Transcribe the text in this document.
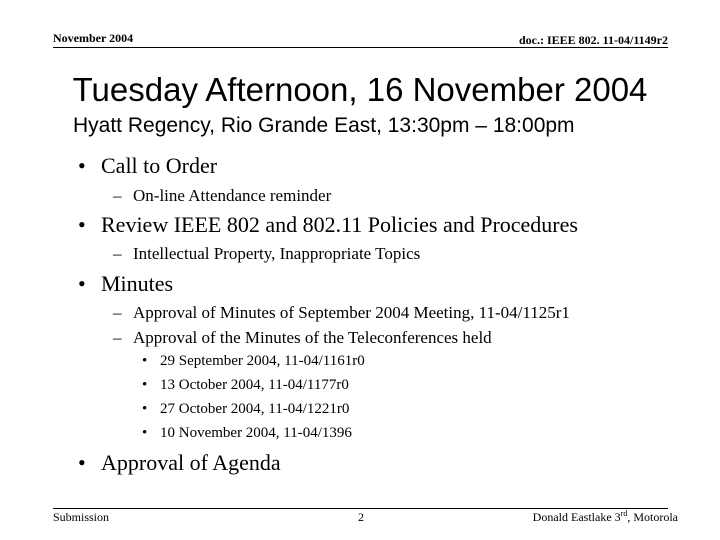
November 2004	doc.: IEEE 802. 11-04/1149r2
Tuesday Afternoon, 16 November 2004
Hyatt Regency, Rio Grande East, 13:30pm – 18:00pm
• Call to Order
– On-line Attendance reminder
• Review IEEE 802 and 802.11 Policies and Procedures
– Intellectual Property, Inappropriate Topics
• Minutes
– Approval of Minutes of September 2004 Meeting, 11-04/1125r1
– Approval of the Minutes of the Teleconferences held
• 29 September 2004, 11-04/1161r0
• 13 October 2004, 11-04/1177r0
• 27 October 2004, 11-04/1221r0
• 10 November 2004, 11-04/1396
• Approval of Agenda
Submission	2	Donald Eastlake 3rd, Motorola
